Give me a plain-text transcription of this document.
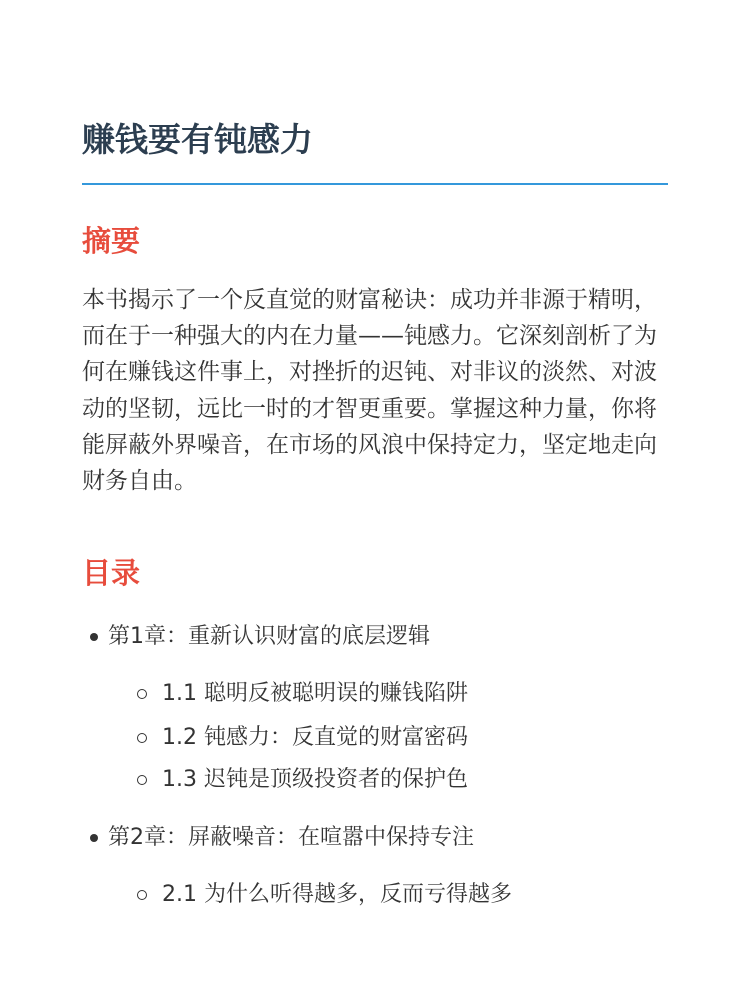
赚钱要有钝感力
摘要

本书揭示了一个反直觉的财富秘诀：成功并非源于精明，而在于一种强大的内在力量——钝感力。它深刻剖析了为何在赚钱这件事上，对挫折的迟钝、对非议的淡然、对波动的坚韧，远比一时的才智更重要。掌握这种力量，你将能屏蔽外界噪音，在市场的风浪中保持定力，坚定地走向财务自由。

目录
第1章：重新认识财富的底层逻辑
1.1 聪明反被聪明误的赚钱陷阱
1.2 钝感力：反直觉的财富密码
1.3 迟钝是顶级投资者的保护色
第2章：屏蔽噪音：在喧嚣中保持专注
2.1 为什么听得越多，反而亏得越多
